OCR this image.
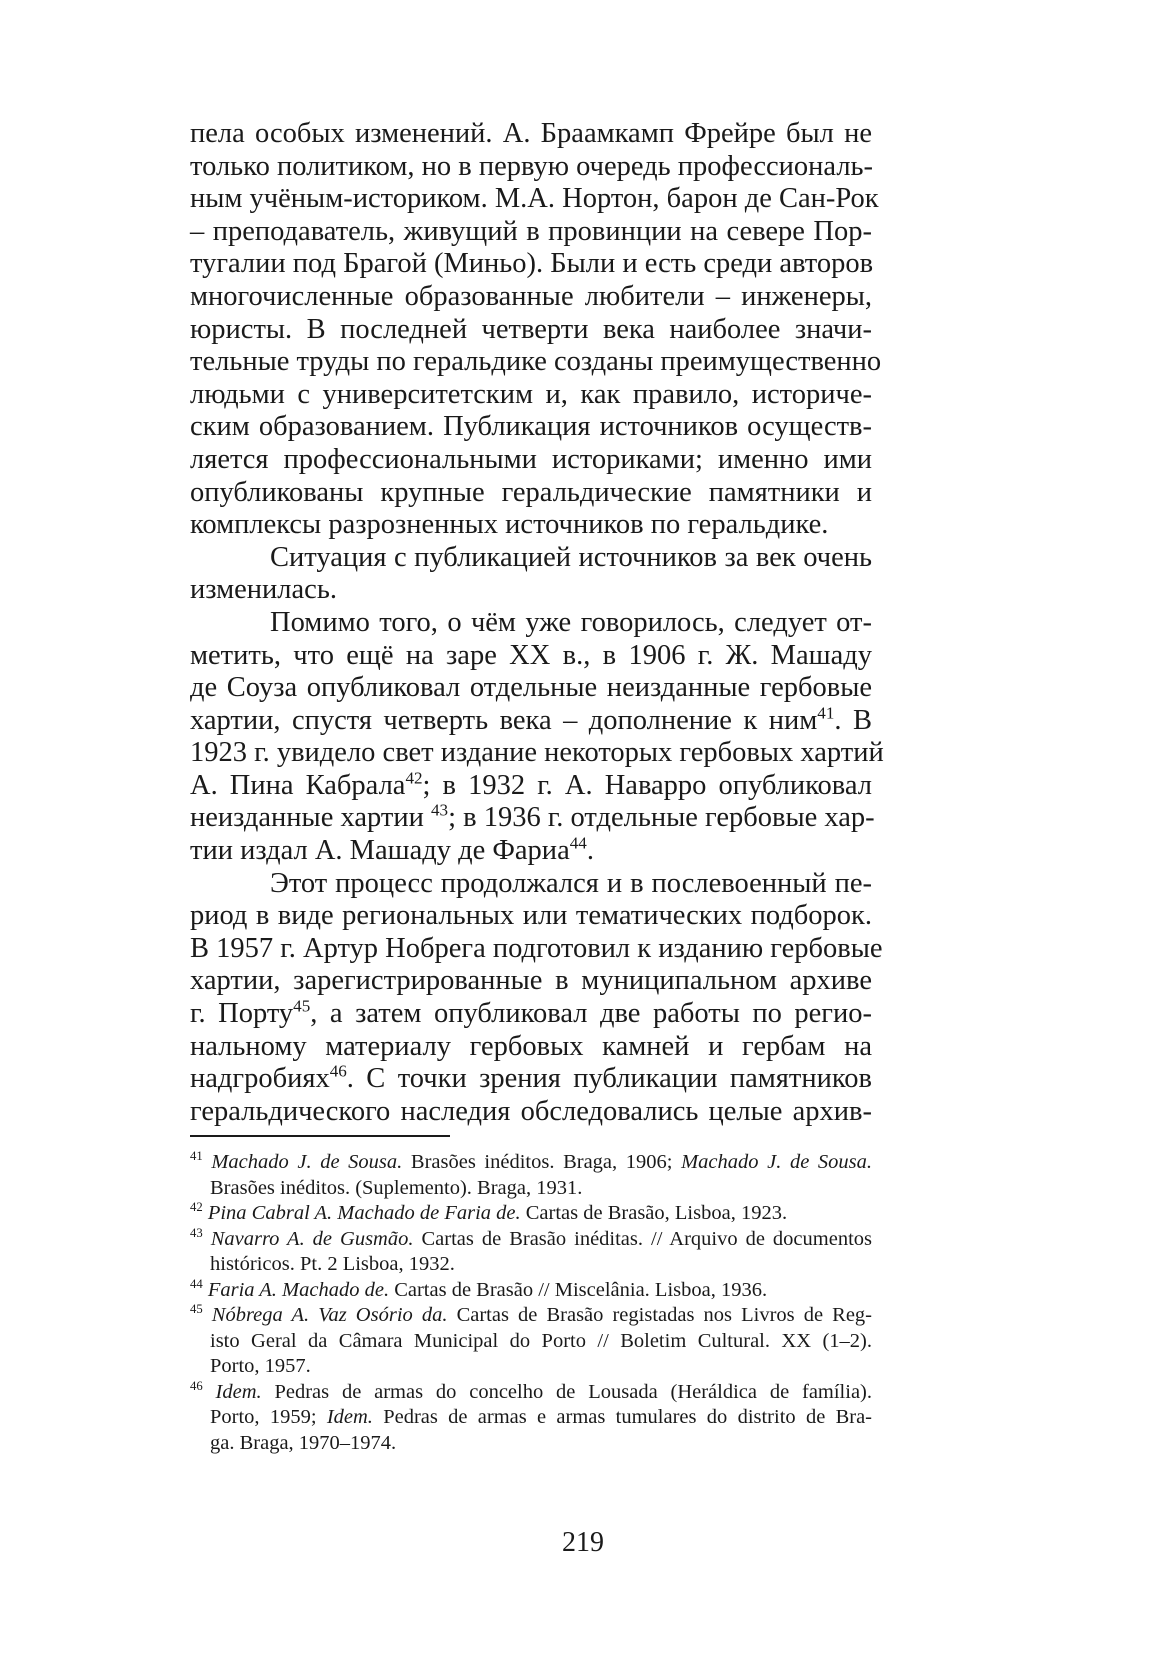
пела особых изменений. А. Браамкамп Фрейре был не
только политиком, но в первую очередь профессиональ-
ным учёным-историком. М.А. Нортон, барон де Сан-Рок
– преподаватель, живущий в провинции на севере Пор-
тугалии под Брагой (Миньо). Были и есть среди авторов
многочисленные образованные любители – инженеры,
юристы. В последней четверти века наиболее значи-
тельные труды по геральдике созданы преимущественно
людьми с университетским и, как правило, историче-
ским образованием. Публикация источников осуществ-
ляется профессиональными историками; именно ими
опубликованы крупные геральдические памятники и
комплексы разрозненных источников по геральдике.

Ситуация с публикацией источников за век очень
изменилась.

Помимо того, о чём уже говорилось, следует от-
метить, что ещё на заре XX в., в 1906 г. Ж. Машаду
де Соуза опубликовал отдельные неизданные гербовые
хартии, спустя четверть века – дополнение к ним$^{41}$. В
1923 г. увидело свет издание некоторых гербовых хартий
А. Пина Кабрала$^{42}$; в 1932 г. А. Наварро опубликовал
неизданные хартии $^{43}$; в 1936 г. отдельные гербовые хар-
тии издал А. Машаду де Фариа$^{44}$.

Этот процесс продолжался и в послевоенный пе-
риод в виде региональных или тематических подборок.
В 1957 г. Артур Нобрега подготовил к изданию гербовые
хартии, зарегистрированные в муниципальном архиве
г. Порту$^{45}$, а затем опубликовал две работы по регио-
нальному материалу гербовых камней и гербам на
надгробиях$^{46}$. С точки зрения публикации памятников
геральдического наследия обследовались целые архив-

$^{41}$ Machado J. de Sousa. Brasões inéditos. Braga, 1906; Machado J. de Sousa.
Brasões inéditos. (Suplemento). Braga, 1931.
$^{42}$ Pina Cabral A. Machado de Faria de. Cartas de Brasão, Lisboa, 1923.
$^{43}$ Navarro A. de Gusmão. Cartas de Brasão inéditas. // Arquivo de documentos
históricos. Pt. 2 Lisboa, 1932.
$^{44}$ Faria A. Machado de. Cartas de Brasão // Miscelânia. Lisboa, 1936.
$^{45}$ Nóbrega A. Vaz Osório da. Cartas de Brasão registadas nos Livros de Reg-
isto Geral da Câmara Municipal do Porto // Boletim Cultural. XX (1–2).
Porto, 1957.
$^{46}$ Idem. Pedras de armas do concelho de Lousada (Heráldica de família).
Porto, 1959; Idem. Pedras de armas e armas tumulares do distrito de Bra-
ga. Braga, 1970–1974.
219
